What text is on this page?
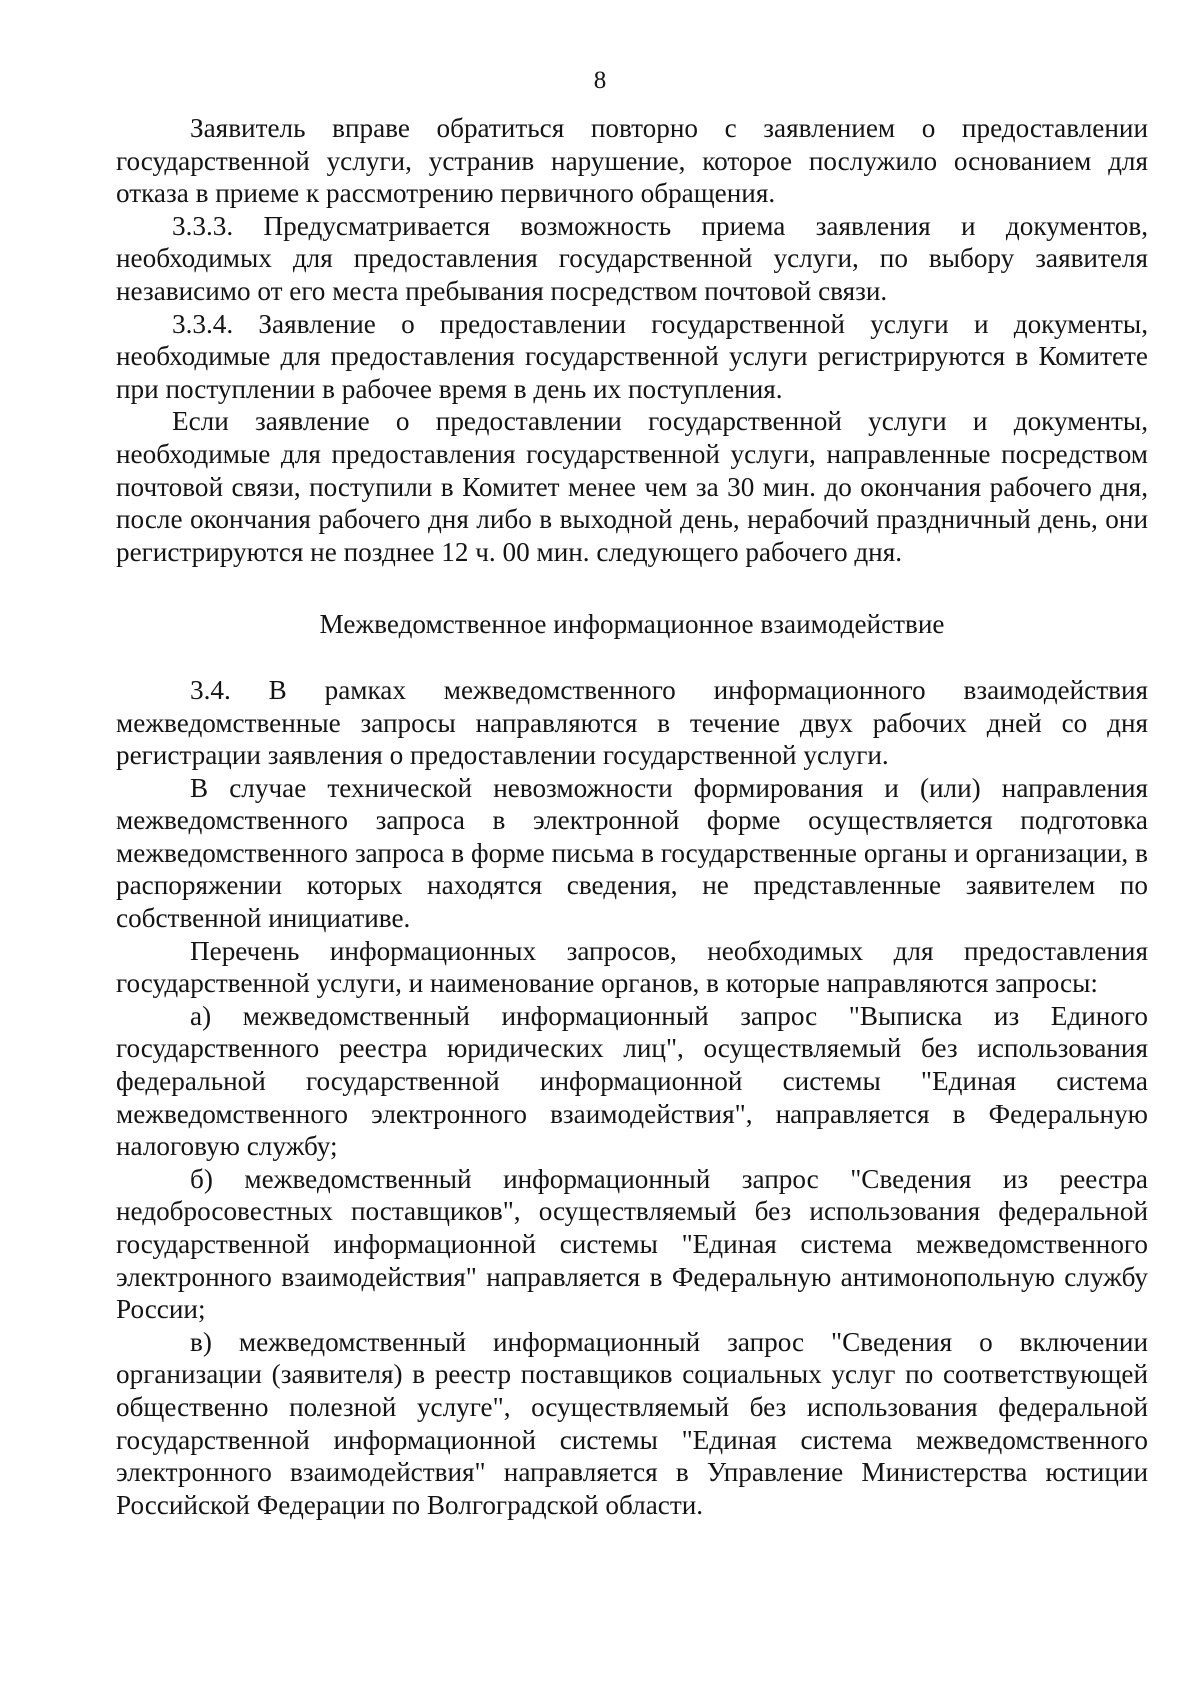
8

Заявитель вправе обратиться повторно с заявлением о предоставлении государственной услуги, устранив нарушение, которое послужило основанием для отказа в приеме к рассмотрению первичного обращения.

3.3.3. Предусматривается возможность приема заявления и документов, необходимых для предоставления государственной услуги, по выбору заявителя независимо от его места пребывания посредством почтовой связи.

3.3.4. Заявление о предоставлении государственной услуги и документы, необходимые для предоставления государственной услуги регистрируются в Комитете при поступлении в рабочее время в день их поступления.

Если заявление о предоставлении государственной услуги и документы, необходимые для предоставления государственной услуги, направленные посредством почтовой связи, поступили в Комитет менее чем за 30 мин. до окончания рабочего дня, после окончания рабочего дня либо в выходной день, нерабочий праздничный день, они регистрируются не позднее 12 ч. 00 мин. следующего рабочего дня.

Межведомственное информационное взаимодействие

3.4. В рамках межведомственного информационного взаимодействия межведомственные запросы направляются в течение двух рабочих дней со дня регистрации заявления о предоставлении государственной услуги.

В случае технической невозможности формирования и (или) направления межведомственного запроса в электронной форме осуществляется подготовка межведомственного запроса в форме письма в государственные органы и организации, в распоряжении которых находятся сведения, не представленные заявителем по собственной инициативе.

Перечень информационных запросов, необходимых для предоставления государственной услуги, и наименование органов, в которые направляются запросы:

а) межведомственный информационный запрос "Выписка из Единого государственного реестра юридических лиц", осуществляемый без использования федеральной государственной информационной системы "Единая система межведомственного электронного взаимодействия", направляется в Федеральную налоговую службу;

б) межведомственный информационный запрос "Сведения из реестра недобросовестных поставщиков", осуществляемый без использования федеральной государственной информационной системы "Единая система межведомственного электронного взаимодействия" направляется в Федеральную антимонопольную службу России;

в) межведомственный информационный запрос "Сведения о включении организации (заявителя) в реестр поставщиков социальных услуг по соответствующей общественно полезной услуге", осуществляемый без использования федеральной государственной информационной системы "Единая система межведомственного электронного взаимодействия" направляется в Управление Министерства юстиции Российской Федерации по Волгоградской области.
